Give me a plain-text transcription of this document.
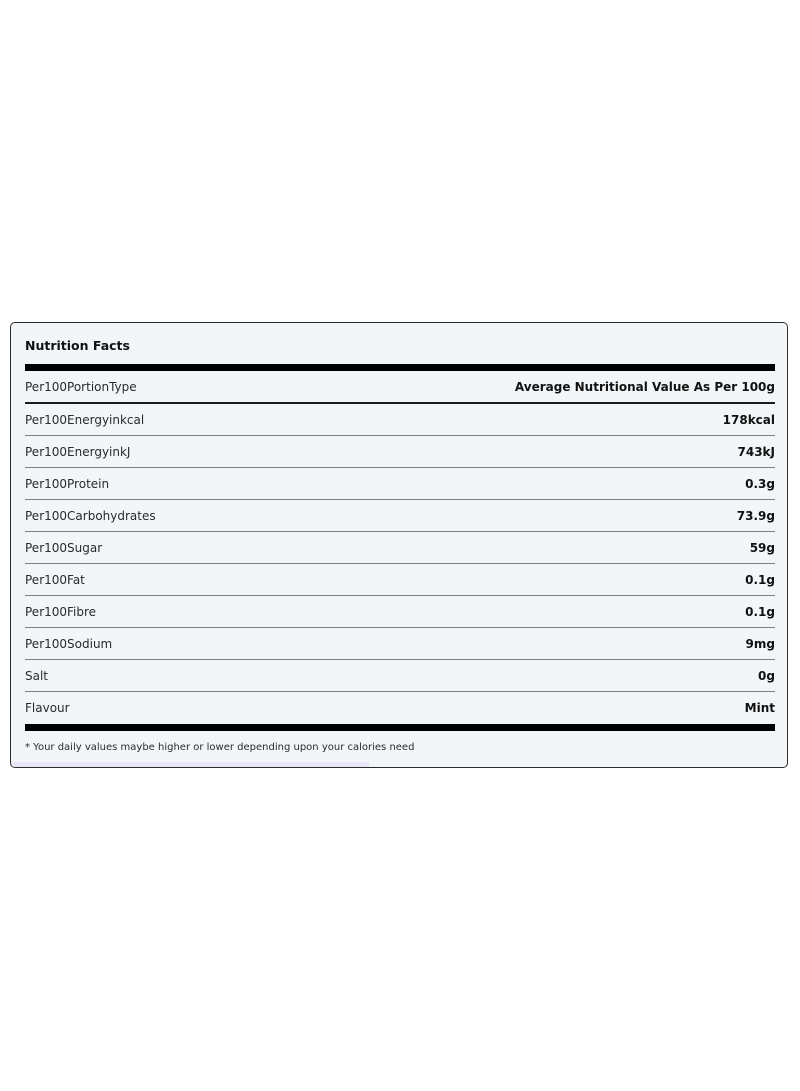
Nutrition Facts
Per100PortionType	Average Nutritional Value As Per 100g
Per100Energyinkcal	178kcal
Per100EnergyinkJ	743kJ
Per100Protein	0.3g
Per100Carbohydrates	73.9g
Per100Sugar	59g
Per100Fat	0.1g
Per100Fibre	0.1g
Per100Sodium	9mg
Salt	0g
Flavour	Mint
* Your daily values maybe higher or lower depending upon your calories need
